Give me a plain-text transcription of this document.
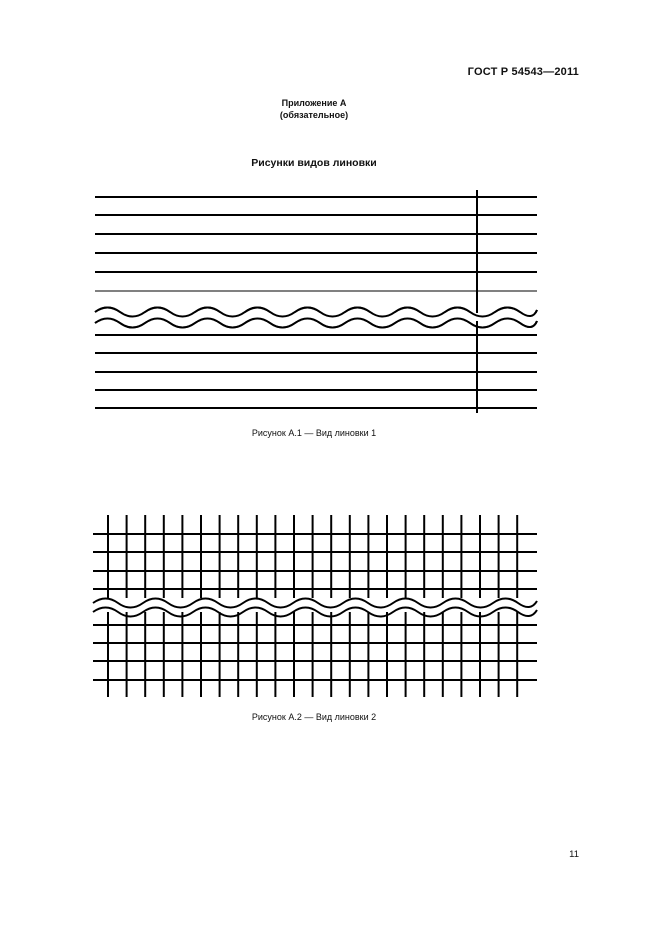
ГОСТ Р 54543—2011
Приложение А
(обязательное)
Рисунки видов линовки
Рисунок А.1 — Вид линовки 1
Рисунок А.2 — Вид линовки 2
11
